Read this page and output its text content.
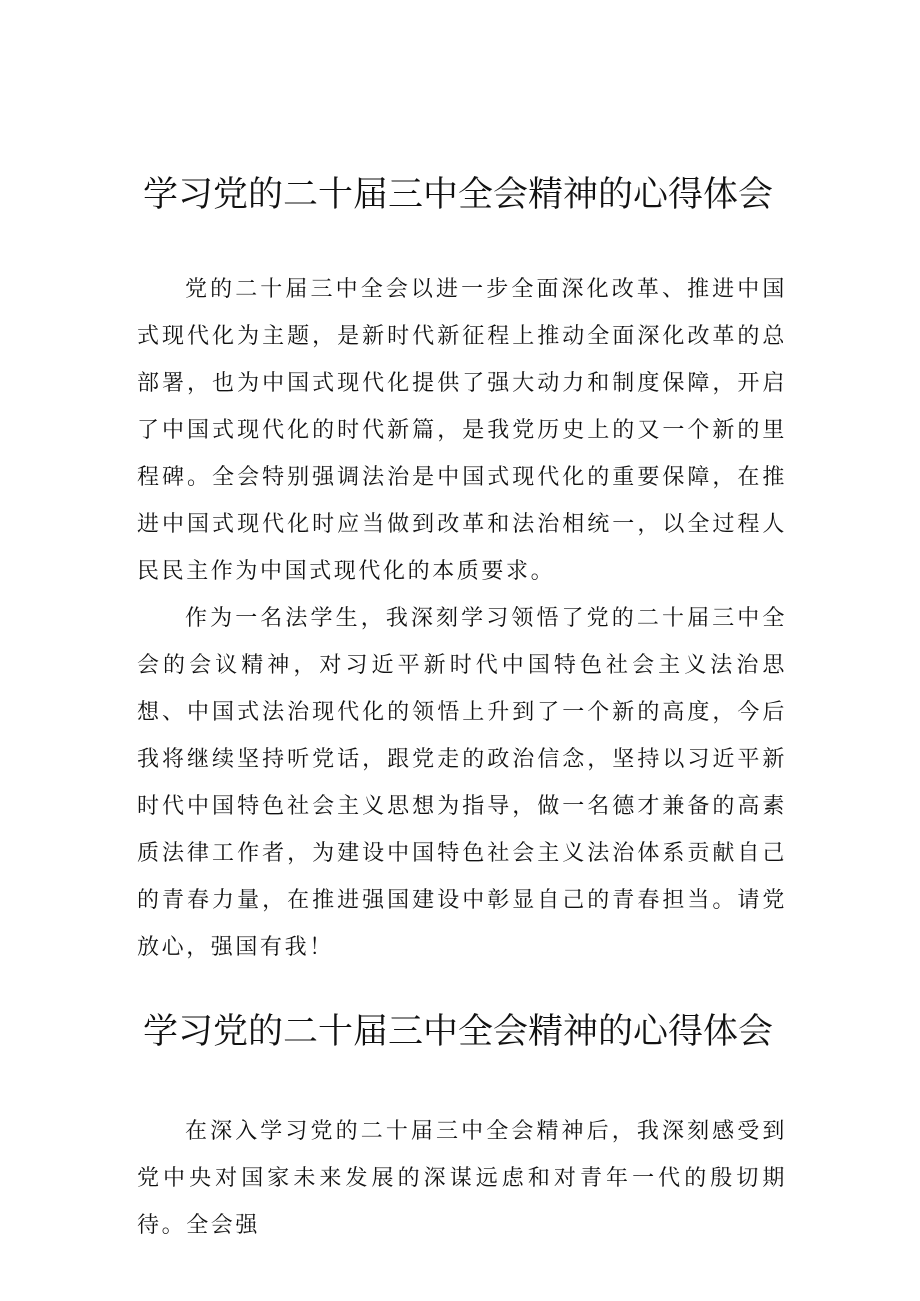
学习党的二十届三中全会精神的心得体会

党的二十届三中全会以进一步全面深化改革、推进中国式现代化为主题，是新时代新征程上推动全面深化改革的总部署，也为中国式现代化提供了强大动力和制度保障，开启了中国式现代化的时代新篇，是我党历史上的又一个新的里程碑。全会特别强调法治是中国式现代化的重要保障，在推进中国式现代化时应当做到改革和法治相统一，以全过程人民民主作为中国式现代化的本质要求。

作为一名法学生，我深刻学习领悟了党的二十届三中全会的会议精神，对习近平新时代中国特色社会主义法治思想、中国式法治现代化的领悟上升到了一个新的高度，今后我将继续坚持听党话，跟党走的政治信念，坚持以习近平新时代中国特色社会主义思想为指导，做一名德才兼备的高素质法律工作者，为建设中国特色社会主义法治体系贡献自己的青春力量，在推进强国建设中彰显自己的青春担当。请党放心，强国有我！

学习党的二十届三中全会精神的心得体会

在深入学习党的二十届三中全会精神后，我深刻感受到党中央对国家未来发展的深谋远虑和对青年一代的殷切期待。全会强
